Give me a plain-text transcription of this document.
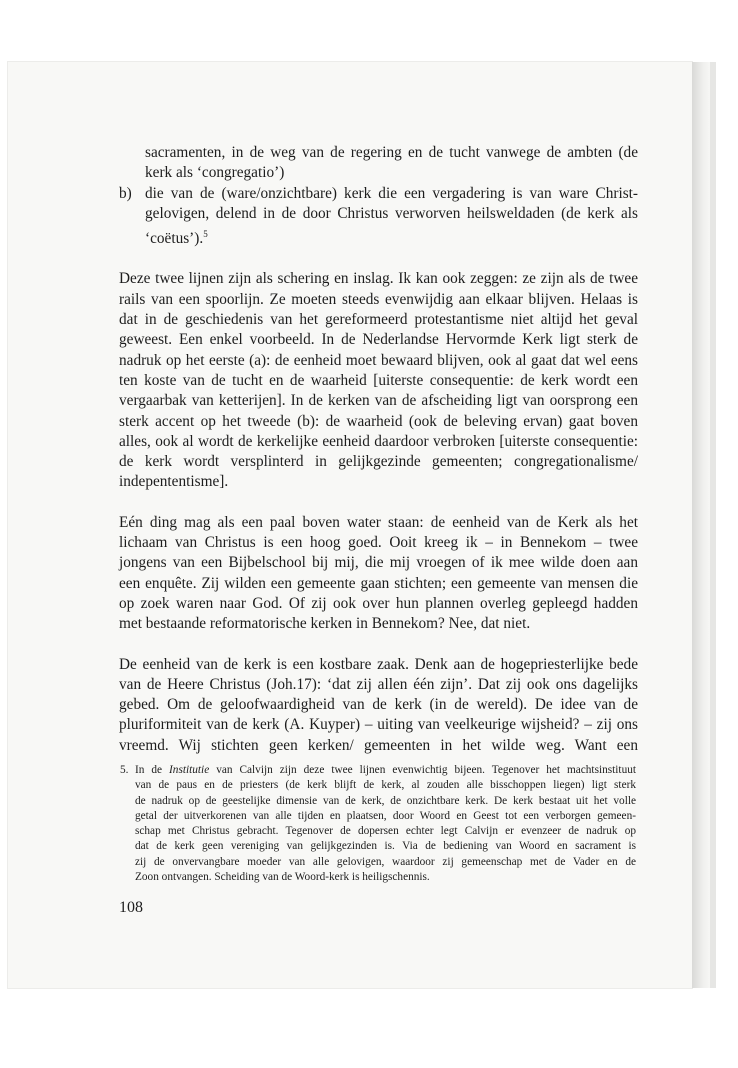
sacramenten, in de weg van de regering en de tucht vanwege de ambten (de
kerk als ‘congregatio’)

b) die van de (ware/onzichtbare) kerk die een vergadering is van ware Christ-
gelovigen, delend in de door Christus verworven heilsweldaden (de kerk als
‘coëtus’).$^5$

Deze twee lijnen zijn als schering en inslag. Ik kan ook zeggen: ze zijn als de twee
rails van een spoorlijn. Ze moeten steeds evenwijdig aan elkaar blijven. Helaas is
dat in de geschiedenis van het gereformeerd protestantisme niet altijd het geval
geweest. Een enkel voorbeeld. In de Nederlandse Hervormde Kerk ligt sterk de
nadruk op het eerste (a): de eenheid moet bewaard blijven, ook al gaat dat wel eens
ten koste van de tucht en de waarheid [uiterste consequentie: de kerk wordt een
vergaarbak van ketterijen]. In de kerken van de afscheiding ligt van oorsprong een
sterk accent op het tweede (b): de waarheid (ook de beleving ervan) gaat boven
alles, ook al wordt de kerkelijke eenheid daardoor verbroken [uiterste consequentie:
de kerk wordt versplinterd in gelijkgezinde gemeenten; congregationalisme/
indepententisme].

Eén ding mag als een paal boven water staan: de eenheid van de Kerk als het
lichaam van Christus is een hoog goed. Ooit kreeg ik – in Bennekom – twee
jongens van een Bijbelschool bij mij, die mij vroegen of ik mee wilde doen aan
een enquête. Zij wilden een gemeente gaan stichten; een gemeente van mensen die
op zoek waren naar God. Of zij ook over hun plannen overleg gepleegd hadden
met bestaande reformatorische kerken in Bennekom? Nee, dat niet.

De eenheid van de kerk is een kostbare zaak. Denk aan de hogepriesterlijke bede
van de Heere Christus (Joh.17): ‘dat zij allen één zijn’. Dat zij ook ons dagelijks
gebed. Om de geloofwaardigheid van de kerk (in de wereld). De idee van de
pluriformiteit van de kerk (A. Kuyper) – uiting van veelkeurige wijsheid? – zij ons
vreemd. Wij stichten geen kerken/ gemeenten in het wilde weg. Want een

5. In de Institutie van Calvijn zijn deze twee lijnen evenwichtig bijeen. Tegenover het machtsinstituut
van de paus en de priesters (de kerk blijft de kerk, al zouden alle bisschoppen liegen) ligt sterk
de nadruk op de geestelijke dimensie van de kerk, de onzichtbare kerk. De kerk bestaat uit het volle
getal der uitverkorenen van alle tijden en plaatsen, door Woord en Geest tot een verborgen gemeen-
schap met Christus gebracht. Tegenover de dopersen echter legt Calvijn er evenzeer de nadruk op
dat de kerk geen vereniging van gelijkgezinden is. Via de bediening van Woord en sacrament is
zij de onvervangbare moeder van alle gelovigen, waardoor zij gemeenschap met de Vader en de
Zoon ontvangen. Scheiding van de Woord-kerk is heiligschennis.
108
